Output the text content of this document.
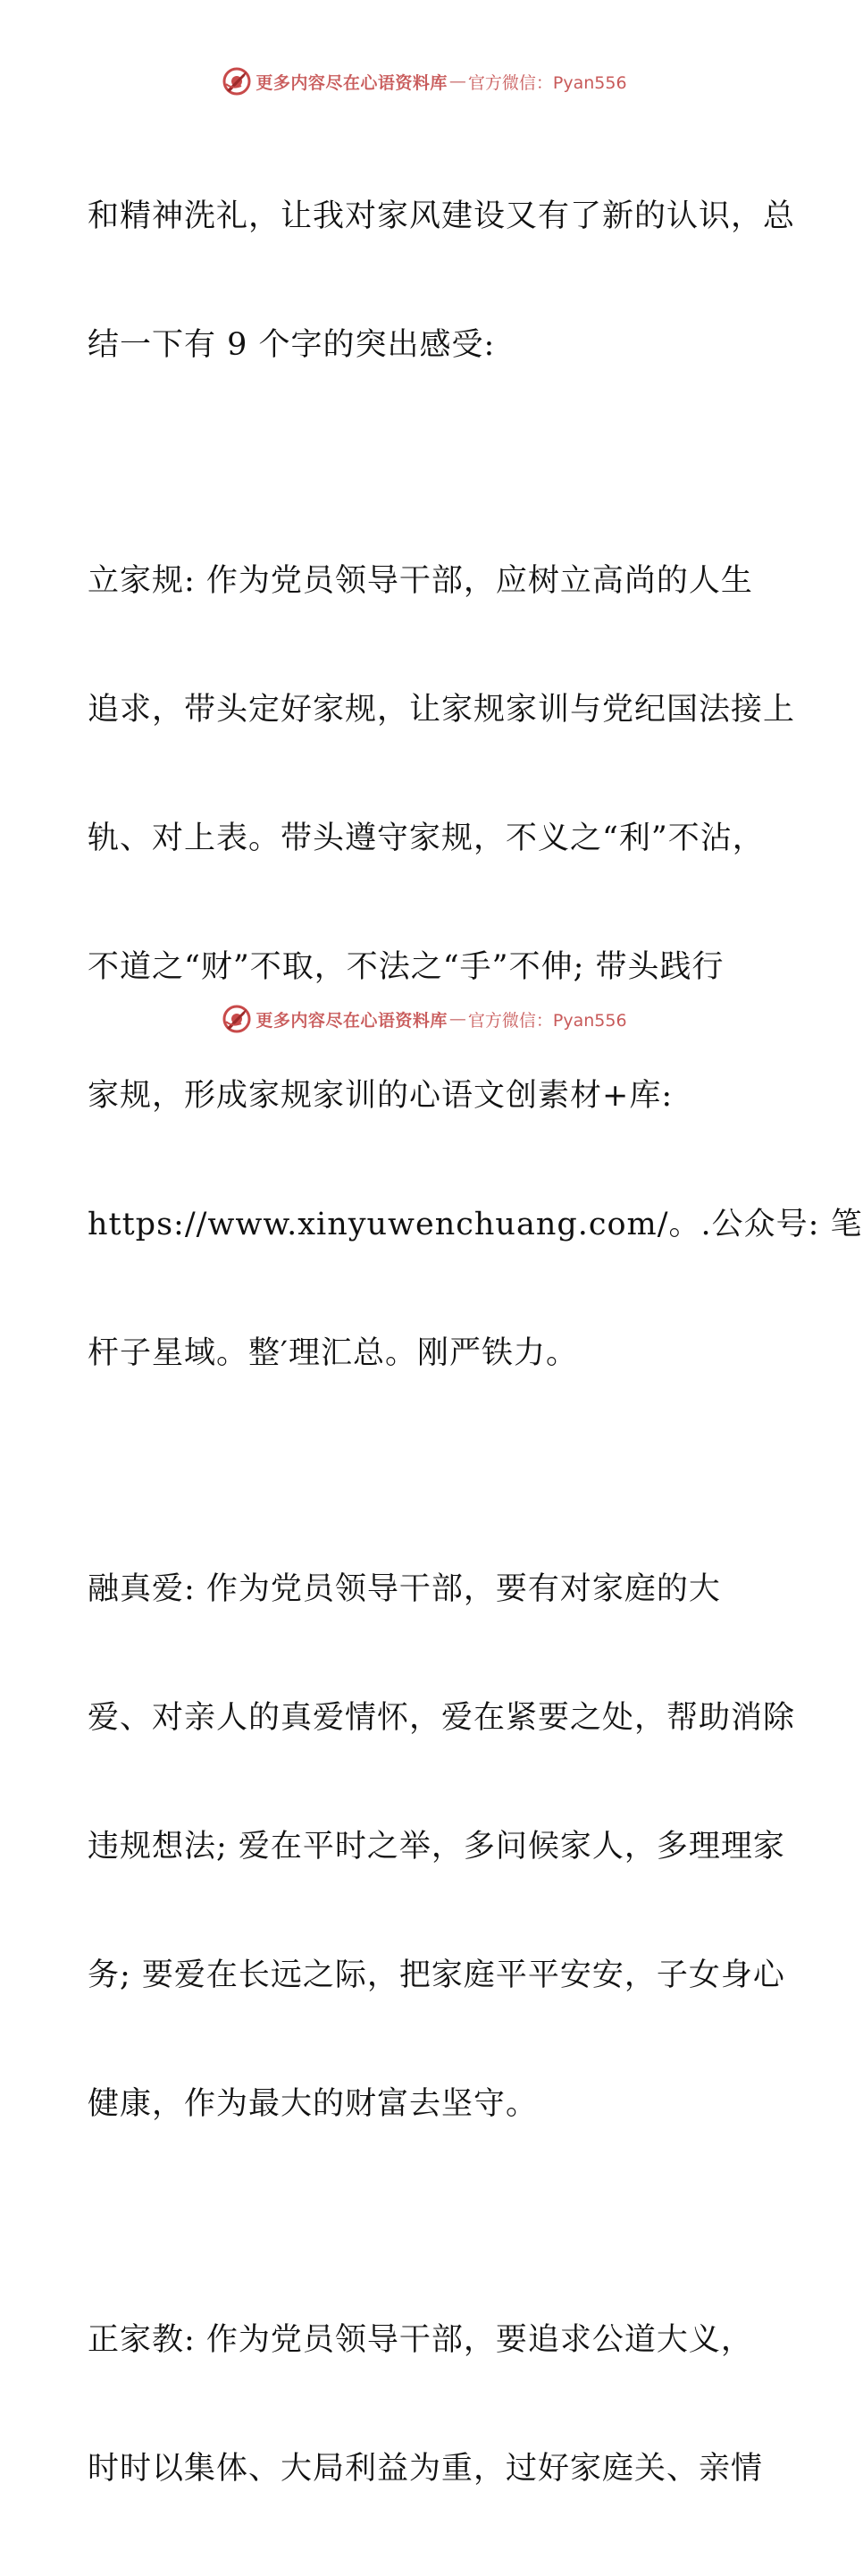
更多内容尽在心语资料库 — 官方微信：Pyan556

和精神洗礼，让我对家风建设又有了新的认识，总

结一下有 9 个字的突出感受:

立家规: 作为党员领导干部，应树立高尚的人生

追求，带头定好家规，让家规家训与党纪国法接上

轨、对上表。带头遵守家规，不义之“利”不沾，

不道之“财”不取，不法之“手”不伸; 带头践行

家规，形成家规家训的心语文创素材+库:

https://www.xinyuwenchuang.com/。.公众号: 笔

杆子星域。整′理汇总。刚严铁力。

融真爱: 作为党员领导干部，要有对家庭的大

爱、对亲人的真爱情怀，爱在紧要之处，帮助消除

违规想法; 爱在平时之举，多问候家人，多理理家

务; 要爱在长远之际，把家庭平平安安，子女身心

健康，作为最大的财富去坚守。

正家教: 作为党员领导干部，要追求公道大义，

时时以集体、大局利益为重，过好家庭关、亲情

更多内容尽在心语资料库 — 官方微信：Pyan556
